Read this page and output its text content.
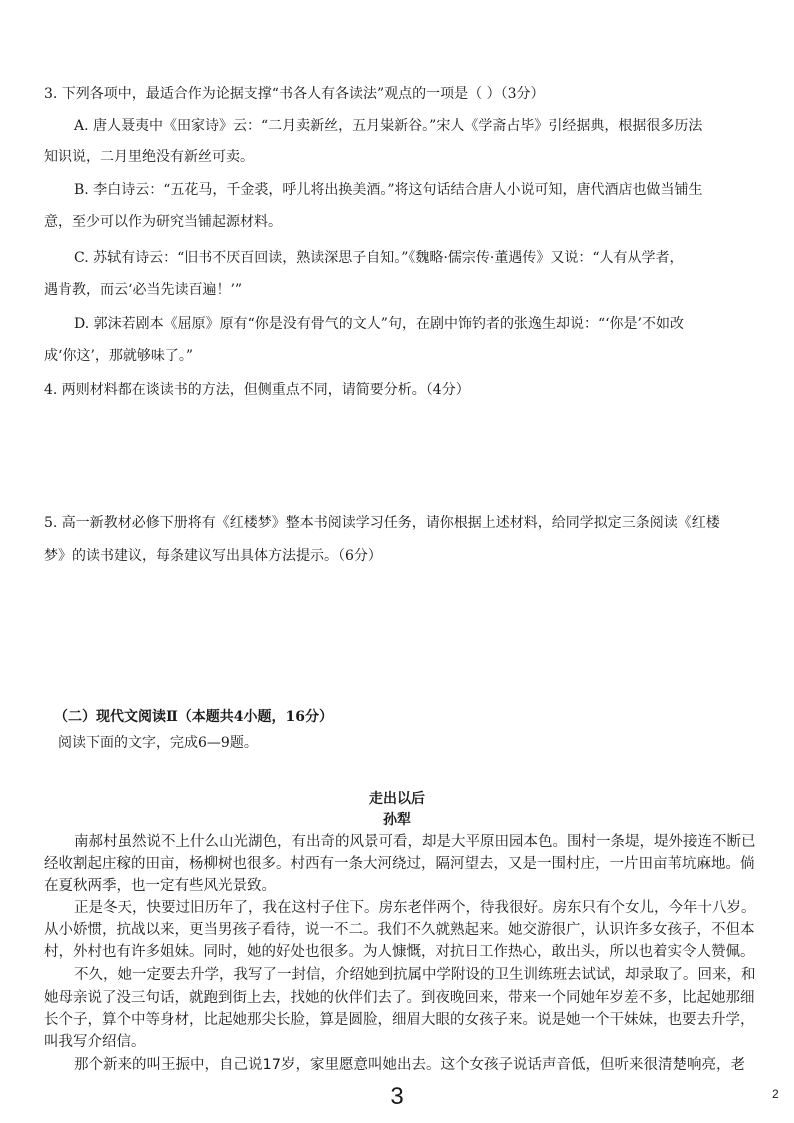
3. 下列各项中，最适合作为论据支撑“书各人有各读法”观点的一项是（ ）（3分）
A. 唐人聂夷中《田家诗》云：“二月卖新丝，五月粜新谷。”宋人《学斋占毕》引经据典，根据很多历法
知识说，二月里绝没有新丝可卖。
B. 李白诗云：“五花马，千金裘，呼儿将出换美酒。”将这句话结合唐人小说可知，唐代酒店也做当铺生
意，至少可以作为研究当铺起源材料。
C. 苏轼有诗云：“旧书不厌百回读，熟读深思子自知。”《魏略·儒宗传·董遇传》又说：“人有从学者，
遇肯教，而云‘必当先读百遍！’”
D. 郭沫若剧本《屈原》原有“你是没有骨气的文人”句，在剧中饰钓者的张逸生却说：“‘你是’不如改
成‘你这’，那就够味了。”
4. 两则材料都在谈读书的方法，但侧重点不同，请简要分析。（4分）
5. 高一新教材必修下册将有《红楼梦》整本书阅读学习任务，请你根据上述材料，给同学拟定三条阅读《红楼
梦》的读书建议，每条建议写出具体方法提示。（6分）
（二）现代文阅读Ⅱ（本题共4小题，16分）
阅读下面的文字，完成6—9题。
走出以后
孙犁
南郝村虽然说不上什么山光湖色，有出奇的风景可看，却是大平原田园本色。围村一条堤，堤外接连不断已
经收割起庄稼的田亩，杨柳树也很多。村西有一条大河绕过，隔河望去，又是一围村庄，一片田亩苇坑麻地。倘
在夏秋两季，也一定有些风光景致。
正是冬天，快要过旧历年了，我在这村子住下。房东老伴两个，待我很好。房东只有个女儿，今年十八岁。
从小娇惯，抗战以来，更当男孩子看待，说一不二。我们不久就熟起来。她交游很广，认识许多女孩子，不但本
村，外村也有许多姐妹。同时，她的好处也很多。为人慷慨，对抗日工作热心，敢出头，所以也着实令人赞佩。
不久，她一定要去升学，我写了一封信，介绍她到抗属中学附设的卫生训练班去试试，却录取了。回来，和
她母亲说了没三句话，就跑到街上去，找她的伙伴们去了。到夜晚回来，带来一个同她年岁差不多，比起她那细
长个子，算个中等身材，比起她那尖长脸，算是圆脸，细眉大眼的女孩子来。说是她一个干妹妹，也要去升学，
叫我写介绍信。
那个新来的叫王振中，自己说17岁，家里愿意叫她出去。这个女孩子说话声音低，但听来很清楚响亮，老
3	2
